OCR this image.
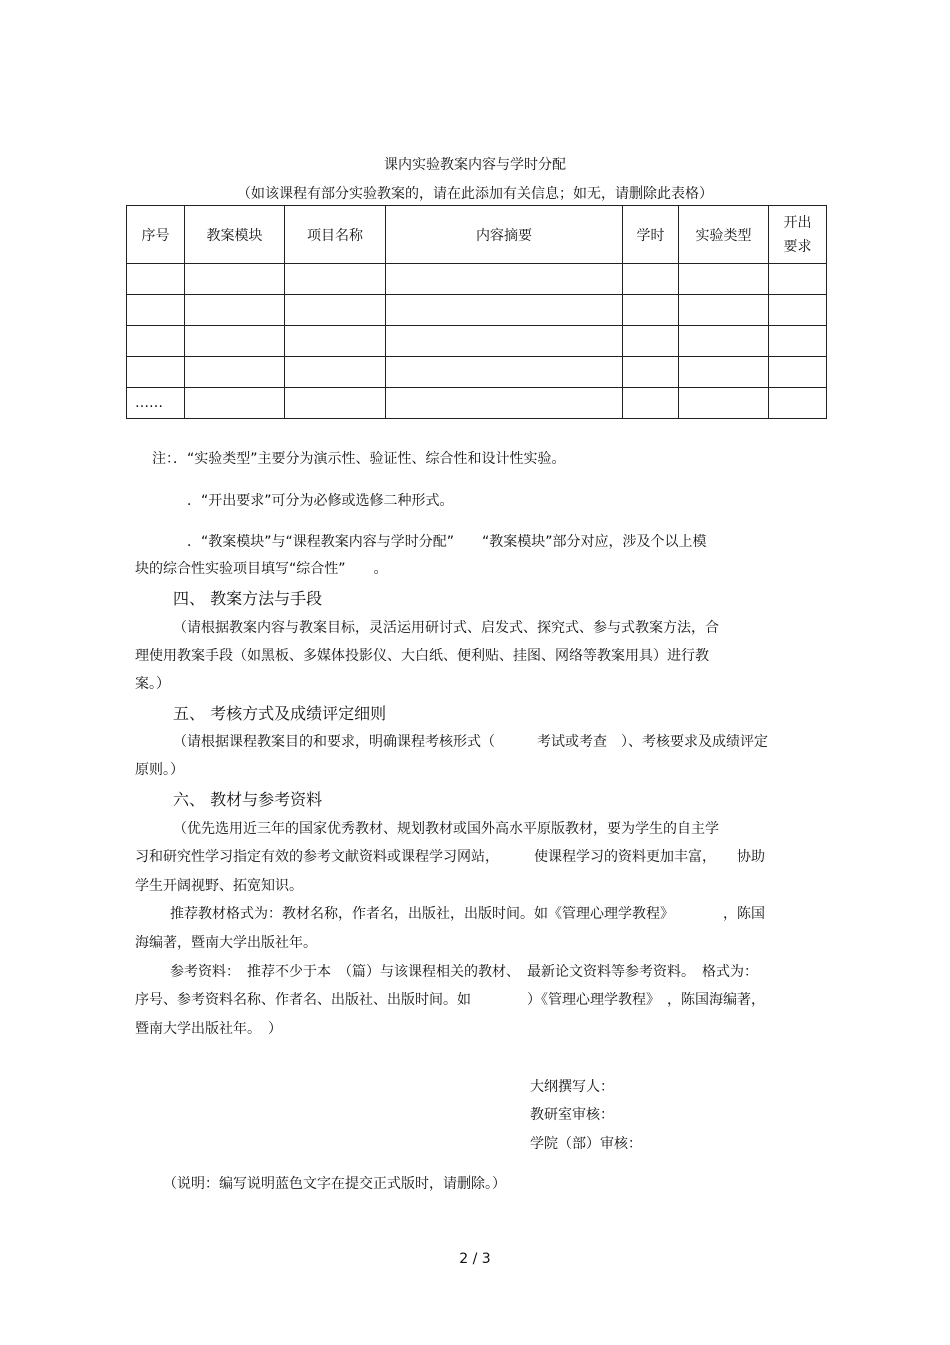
课内实验教案内容与学时分配
（如该课程有部分实验教案的，请在此添加有关信息；如无，请删除此表格）
序号	教案模块	项目名称	内容摘要	学时	实验类型	开出要求

……						
注：．“实验类型”主要分为演示性、验证性、综合性和设计性实验。
．“开出要求”可分为必修或选修二种形式。
．“教案模块”与“课程教案内容与学时分配”　　“教案模块”部分对应，涉及个以上模
块的综合性实验项目填写“综合性”　　。
四、 教案方法与手段
（请根据教案内容与教案目标，灵活运用研讨式、启发式、探究式、参与式教案方法，合
理使用教案手段（如黑板、多媒体投影仪、大白纸、便利贴、挂图、网络等教案用具）进行教
案。）
五、 考核方式及成绩评定细则
（请根据课程教案目的和要求，明确课程考核形式（　　　考试或考查　）、考核要求及成绩评定
原则。）
六、 教材与参考资料
（优先选用近三年的国家优秀教材、规划教材或国外高水平原版教材，要为学生的自主学
习和研究性学习指定有效的参考文献资料或课程学习网站，　　　使课程学习的资料更加丰富，　　协助
学生开阔视野、拓宽知识。
推荐教材格式为：教材名称，作者名，出版社，出版时间。如《管理心理学教程》　　　　，陈国
海编著，暨南大学出版社年。
参考资料：　推荐不少于本　（篇）与该课程相关的教材、　最新论文资料等参考资料。　格式为：
序号、参考资料名称、作者名、出版社、出版时间。如　　　　）《管理心理学教程》　，陈国海编著，
暨南大学出版社年。　）
大纲撰写人：
教研室审核：
学院（部）审核：
（说明：编写说明蓝色文字在提交正式版时，请删除。）
2 / 3
